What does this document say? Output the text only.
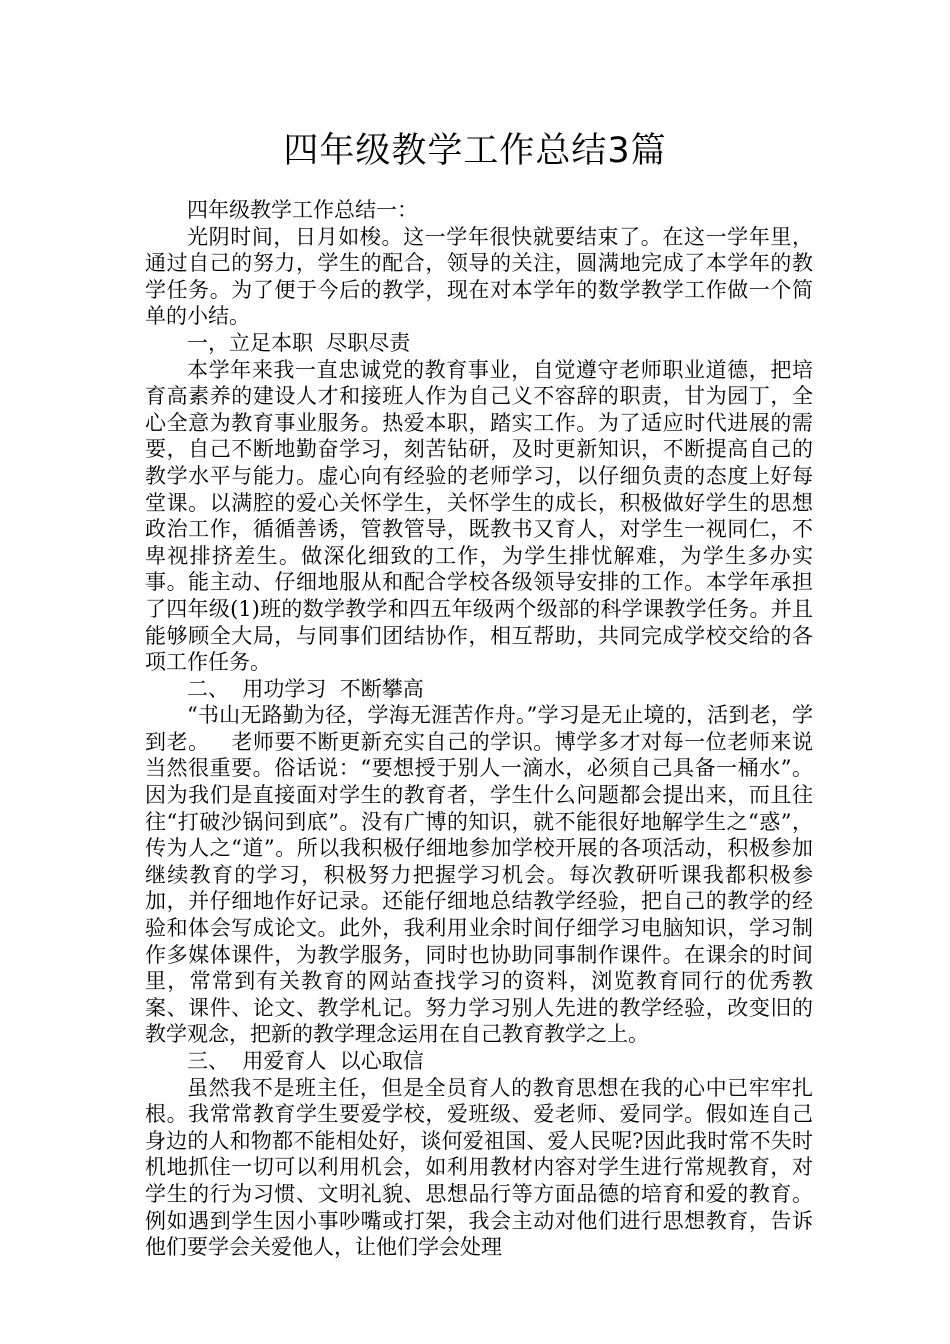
四年级教学工作总结3篇

四年级教学工作总结一：

光阴时间，日月如梭。这一学年很快就要结束了。在这一学年里，通过自己的努力，学生的配合，领导的关注，圆满地完成了本学年的教学任务。为了便于今后的教学，现在对本学年的数学教学工作做一个简单的小结。

一，立足本职  尽职尽责

本学年来我一直忠诚党的教育事业，自觉遵守老师职业道德，把培育高素养的建设人才和接班人作为自己义不容辞的职责，甘为园丁，全心全意为教育事业服务。热爱本职，踏实工作。为了适应时代进展的需要，自己不断地勤奋学习，刻苦钻研，及时更新知识，不断提高自己的教学水平与能力。虚心向有经验的老师学习，以仔细负责的态度上好每堂课。以满腔的爱心关怀学生，关怀学生的成长，积极做好学生的思想政治工作，循循善诱，管教管导，既教书又育人，对学生一视同仁，不卑视排挤差生。做深化细致的工作，为学生排忧解难，为学生多办实事。能主动、仔细地服从和配合学校各级领导安排的工作。本学年承担了四年级(1)班的数学教学和四五年级两个级部的科学课教学任务。并且能够顾全大局，与同事们团结协作，相互帮助，共同完成学校交给的各项工作任务。

二、  用功学习  不断攀高

“书山无路勤为径，学海无涯苦作舟。”学习是无止境的，活到老，学到老。   老师要不断更新充实自己的学识。博学多才对每一位老师来说当然很重要。俗话说：“要想授于别人一滴水，必须自己具备一桶水”。因为我们是直接面对学生的教育者，学生什么问题都会提出来，而且往往“打破沙锅问到底”。没有广博的知识，就不能很好地解学生之“惑”，传为人之“道”。所以我积极仔细地参加学校开展的各项活动，积极参加继续教育的学习，积极努力把握学习机会。每次教研听课我都积极参加，并仔细地作好记录。还能仔细地总结教学经验，把自己的教学的经验和体会写成论文。此外，我利用业余时间仔细学习电脑知识，学习制作多媒体课件，为教学服务，同时也协助同事制作课件。在课余的时间里，常常到有关教育的网站查找学习的资料，浏览教育同行的优秀教案、课件、论文、教学札记。努力学习别人先进的教学经验，改变旧的教学观念，把新的教学理念运用在自己教育教学之上。

三、  用爱育人  以心取信

虽然我不是班主任，但是全员育人的教育思想在我的心中已牢牢扎根。我常常教育学生要爱学校，爱班级、爱老师、爱同学。假如连自己身边的人和物都不能相处好，谈何爱祖国、爱人民呢?因此我时常不失时机地抓住一切可以利用机会，如利用教材内容对学生进行常规教育，对学生的行为习惯、文明礼貌、思想品行等方面品德的培育和爱的教育。例如遇到学生因小事吵嘴或打架，我会主动对他们进行思想教育，告诉他们要学会关爱他人，让他们学会处理
